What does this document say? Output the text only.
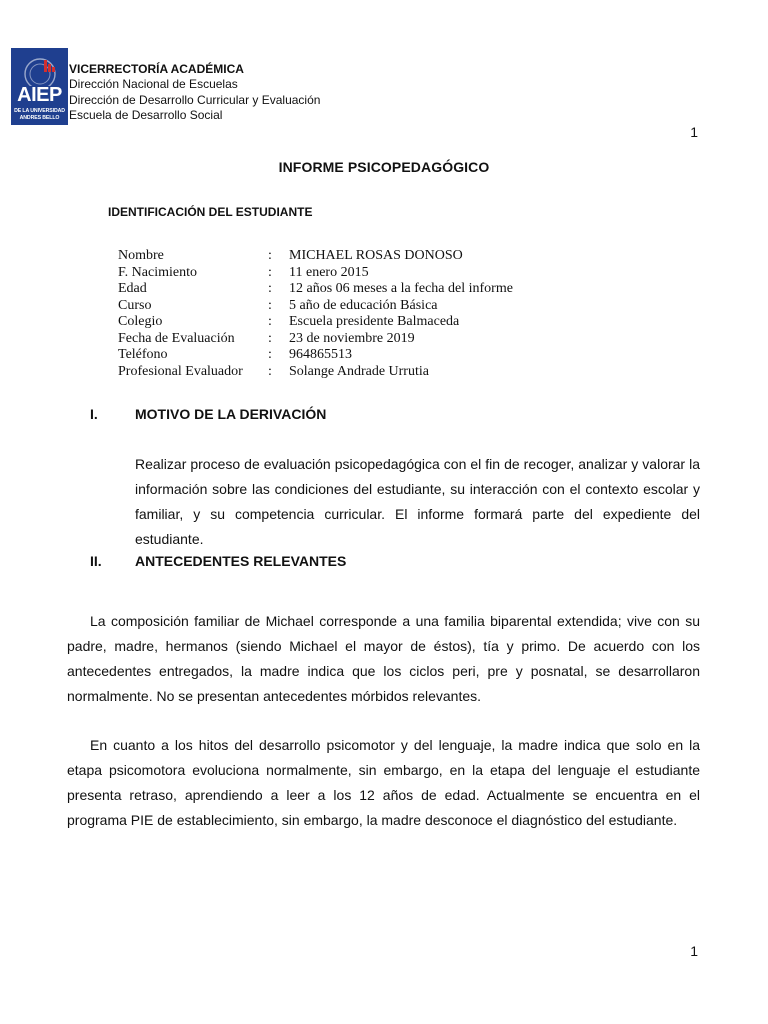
AIEP
DE LA UNIVERSIDAD
ANDRES BELLO
VICERRECTORÍA ACADÉMICA
Dirección Nacional de Escuelas
Dirección de Desarrollo Curricular y Evaluación
Escuela de Desarrollo Social
1
INFORME PSICOPEDAGÓGICO
IDENTIFICACIÓN DEL ESTUDIANTE
Nombre	: MICHAEL ROSAS DONOSO
F. Nacimiento	: 11 enero 2015
Edad	: 12 años 06 meses a la fecha del informe
Curso	: 5 año de educación Básica
Colegio	: Escuela presidente Balmaceda
Fecha de Evaluación : 23 de noviembre 2019
Teléfono	: 964865513
Profesional Evaluador : Solange Andrade Urrutia
I.	MOTIVO DE LA DERIVACIÓN
Realizar proceso de evaluación psicopedagógica con el fin de recoger, analizar y valorar la información sobre las condiciones del estudiante, su interacción con el contexto escolar y familiar, y su competencia curricular. El informe formará parte del expediente del estudiante.
II. ANTECEDENTES RELEVANTES
La composición familiar de Michael corresponde a una familia biparental extendida; vive con su padre, madre, hermanos (siendo Michael el mayor de éstos), tía y primo. De acuerdo con los antecedentes entregados, la madre indica que los ciclos peri, pre y posnatal, se desarrollaron normalmente. No se presentan antecedentes mórbidos relevantes.
En cuanto a los hitos del desarrollo psicomotor y del lenguaje, la madre indica que solo en la etapa psicomotora evoluciona normalmente, sin embargo, en la etapa del lenguaje el estudiante presenta retraso, aprendiendo a leer a los 12 años de edad. Actualmente se encuentra en el programa PIE de establecimiento, sin embargo, la madre desconoce el diagnóstico del estudiante.
1
